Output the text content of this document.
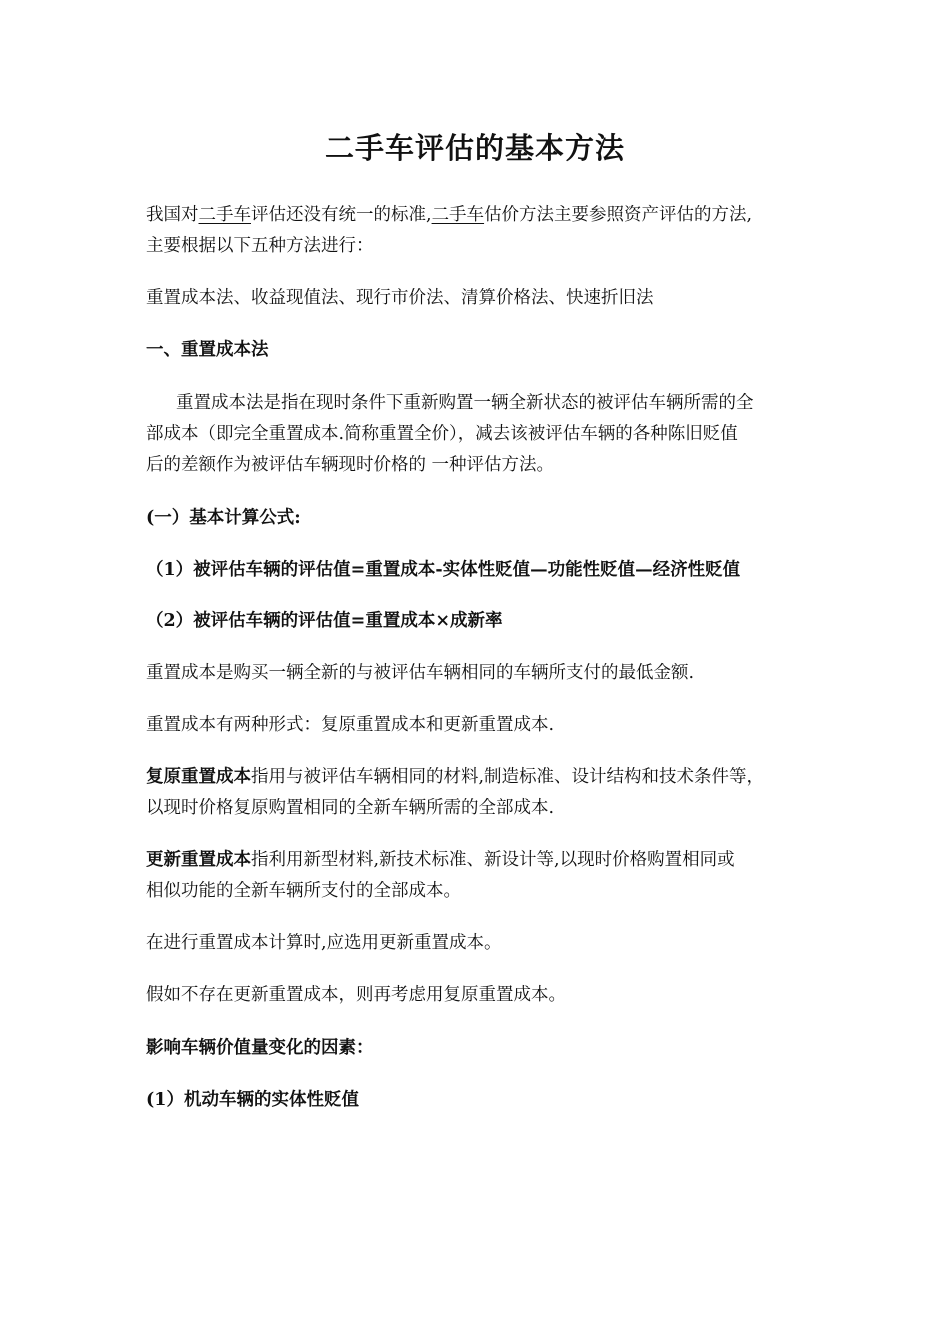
二手车评估的基本方法
我国对二手车评估还没有统一的标准,二手车估价方法主要参照资产评估的方法,
主要根据以下五种方法进行：
重置成本法、收益现值法、现行市价法、清算价格法、快速折旧法
一、重置成本法
重置成本法是指在现时条件下重新购置一辆全新状态的被评估车辆所需的全
部成本（即完全重置成本.简称重置全价），减去该被评估车辆的各种陈旧贬值
后的差额作为被评估车辆现时价格的 一种评估方法。
(一）基本计算公式:
（1）被评估车辆的评估值=重置成本-实体性贬值—功能性贬值—经济性贬值
（2）被评估车辆的评估值=重置成本×成新率
重置成本是购买一辆全新的与被评估车辆相同的车辆所支付的最低金额.
重置成本有两种形式：复原重置成本和更新重置成本.
复原重置成本指用与被评估车辆相同的材料,制造标准、设计结构和技术条件等，
以现时价格复原购置相同的全新车辆所需的全部成本.
更新重置成本指利用新型材料,新技术标准、新设计等,以现时价格购置相同或
相似功能的全新车辆所支付的全部成本。
在进行重置成本计算时,应选用更新重置成本。
假如不存在更新重置成本，则再考虑用复原重置成本。
影响车辆价值量变化的因素：
(1）机动车辆的实体性贬值
